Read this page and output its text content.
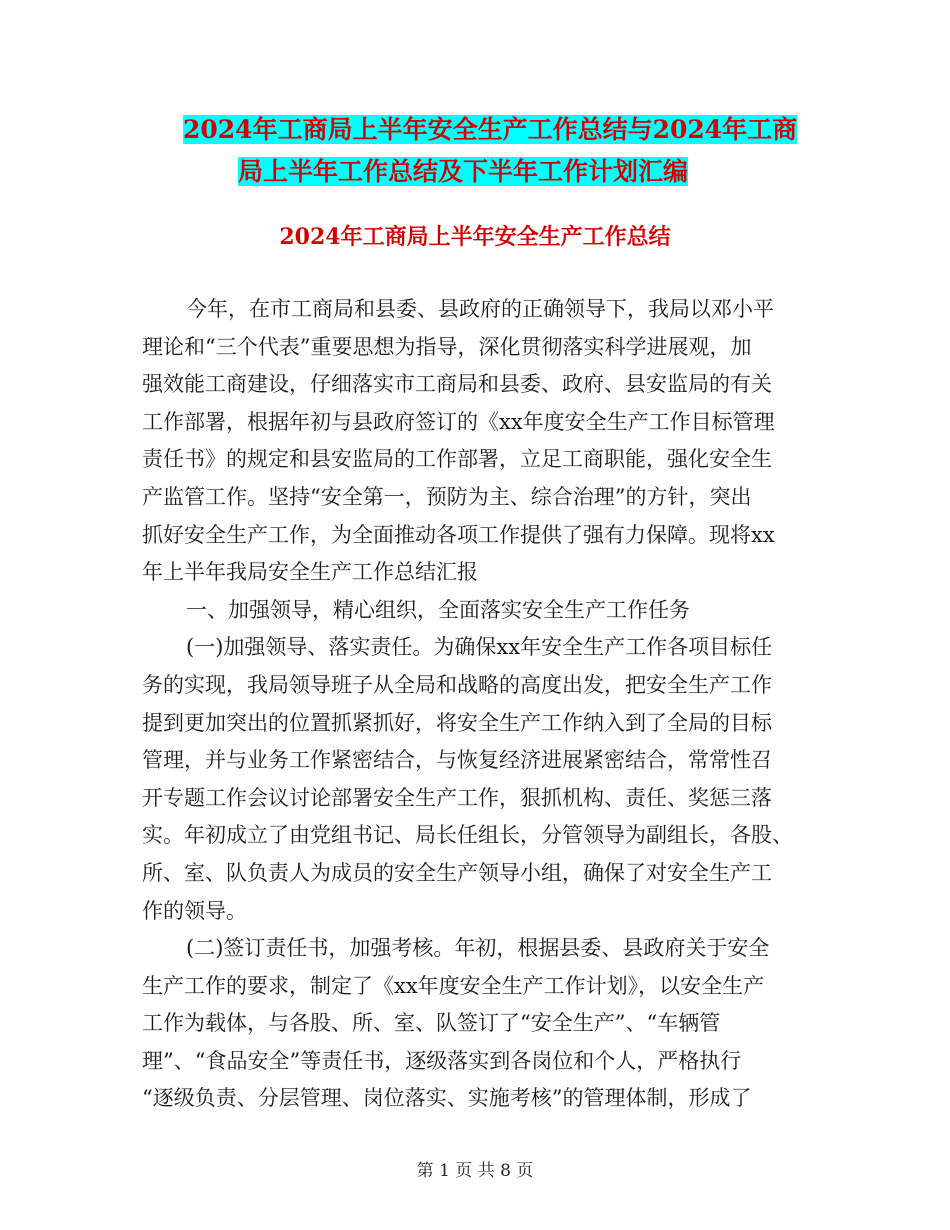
2024年工商局上半年安全生产工作总结与2024年工商
局上半年工作总结及下半年工作计划汇编
2024年工商局上半年安全生产工作总结
今年，在市工商局和县委、县政府的正确领导下，我局以邓小平
理论和“三个代表”重要思想为指导，深化贯彻落实科学进展观，加
强效能工商建设，仔细落实市工商局和县委、政府、县安监局的有关
工作部署，根据年初与县政府签订的《xx年度安全生产工作目标管理
责任书》的规定和县安监局的工作部署，立足工商职能，强化安全生
产监管工作。坚持“安全第一，预防为主、综合治理”的方针，突出
抓好安全生产工作，为全面推动各项工作提供了强有力保障。现将xx
年上半年我局安全生产工作总结汇报
一、加强领导，精心组织，全面落实安全生产工作任务
(一)加强领导、落实责任。为确保xx年安全生产工作各项目标任
务的实现，我局领导班子从全局和战略的高度出发，把安全生产工作
提到更加突出的位置抓紧抓好，将安全生产工作纳入到了全局的目标
管理，并与业务工作紧密结合，与恢复经济进展紧密结合，常常性召
开专题工作会议讨论部署安全生产工作，狠抓机构、责任、奖惩三落
实。年初成立了由党组书记、局长任组长，分管领导为副组长，各股、
所、室、队负责人为成员的安全生产领导小组，确保了对安全生产工
作的领导。
(二)签订责任书，加强考核。年初，根据县委、县政府关于安全
生产工作的要求，制定了《xx年度安全生产工作计划》，以安全生产
工作为载体，与各股、所、室、队签订了“安全生产”、“车辆管
理”、“食品安全”等责任书，逐级落实到各岗位和个人，严格执行
“逐级负责、分层管理、岗位落实、实施考核”的管理体制，形成了
第 1 页 共 8 页
